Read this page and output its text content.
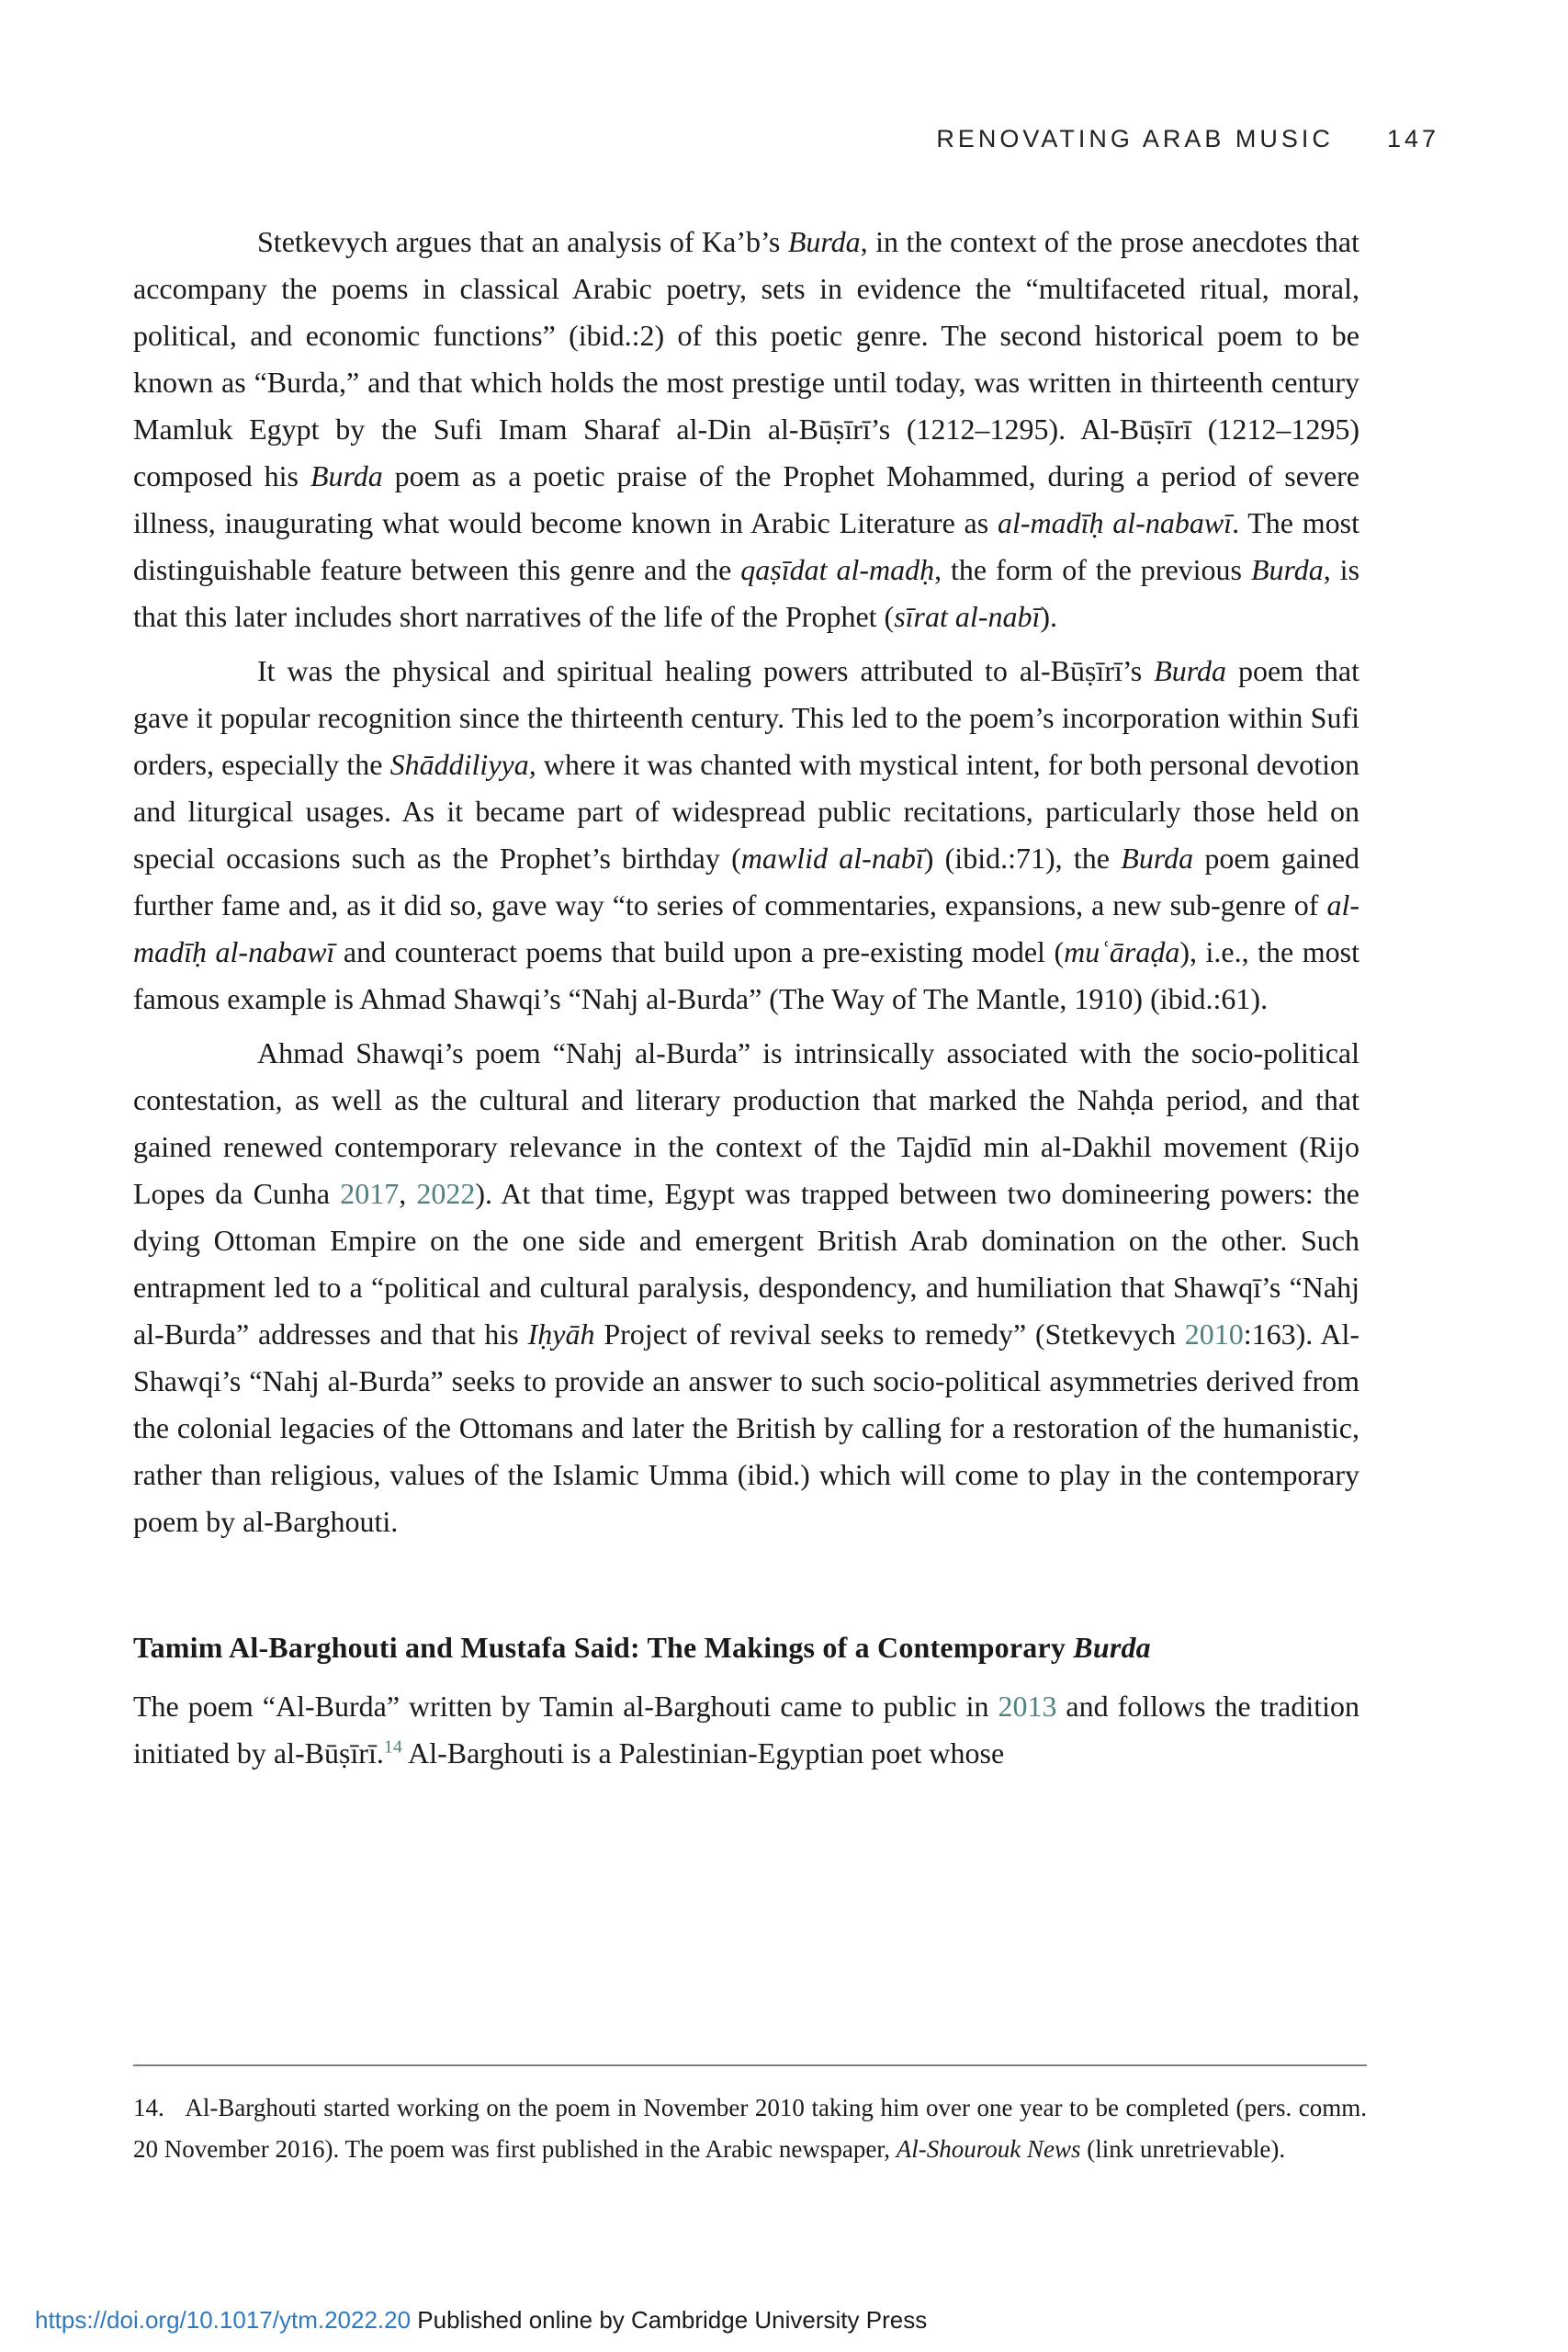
RENOVATING ARAB MUSIC 147

Stetkevych argues that an analysis of Ka’b’s Burda, in the context of the prose anecdotes that accompany the poems in classical Arabic poetry, sets in evidence the “multifaceted ritual, moral, political, and economic functions” (ibid.:2) of this poetic genre. The second historical poem to be known as “Burda,” and that which holds the most prestige until today, was written in thirteenth century Mamluk Egypt by the Sufi Imam Sharaf al-Din al-Būṣīrī’s (1212–1295). Al-Būṣīrī (1212–1295) composed his Burda poem as a poetic praise of the Prophet Mohammed, during a period of severe illness, inaugurating what would become known in Arabic Literature as al-madīḥ al-nabawī. The most distinguishable feature between this genre and the qaṣīdat al-madḥ, the form of the previous Burda, is that this later includes short narratives of the life of the Prophet (sīrat al-nabī).

It was the physical and spiritual healing powers attributed to al-Būṣīrī’s Burda poem that gave it popular recognition since the thirteenth century. This led to the poem’s incorporation within Sufi orders, especially the Shāddiliyya, where it was chanted with mystical intent, for both personal devotion and liturgical usages. As it became part of widespread public recitations, particularly those held on special occasions such as the Prophet’s birthday (mawlid al-nabī) (ibid.:71), the Burda poem gained further fame and, as it did so, gave way “to series of commentaries, expansions, a new sub-genre of al-madīḥ al-nabawī and counteract poems that build upon a pre-existing model (muʿāraḍa), i.e., the most famous example is Ahmad Shawqi’s “Nahj al-Burda” (The Way of The Mantle, 1910) (ibid.:61).

Ahmad Shawqi’s poem “Nahj al-Burda” is intrinsically associated with the socio-political contestation, as well as the cultural and literary production that marked the Nahḍa period, and that gained renewed contemporary relevance in the context of the Tajdīd min al-Dakhil movement (Rijo Lopes da Cunha 2017, 2022). At that time, Egypt was trapped between two domineering powers: the dying Ottoman Empire on the one side and emergent British Arab domination on the other. Such entrapment led to a “political and cultural paralysis, despondency, and humiliation that Shawqī’s “Nahj al-Burda” addresses and that his Iḥyāh Project of revival seeks to remedy” (Stetkevych 2010:163). Al-Shawqi’s “Nahj al-Burda” seeks to provide an answer to such socio-political asymmetries derived from the colonial legacies of the Ottomans and later the British by calling for a restoration of the humanistic, rather than religious, values of the Islamic Umma (ibid.) which will come to play in the contemporary poem by al-Barghouti.

Tamim Al-Barghouti and Mustafa Said: The Makings of a Contemporary Burda

The poem “Al-Burda” written by Tamin al-Barghouti came to public in 2013 and follows the tradition initiated by al-Būṣīrī.$^{14}$ Al-Barghouti is a Palestinian-Egyptian poet whose

14.   Al-Barghouti started working on the poem in November 2010 taking him over one year to be completed (pers. comm. 20 November 2016). The poem was first published in the Arabic newspaper, Al-Shourouk News (link unretrievable).
https://doi.org/10.1017/ytm.2022.20 Published online by Cambridge University Press
